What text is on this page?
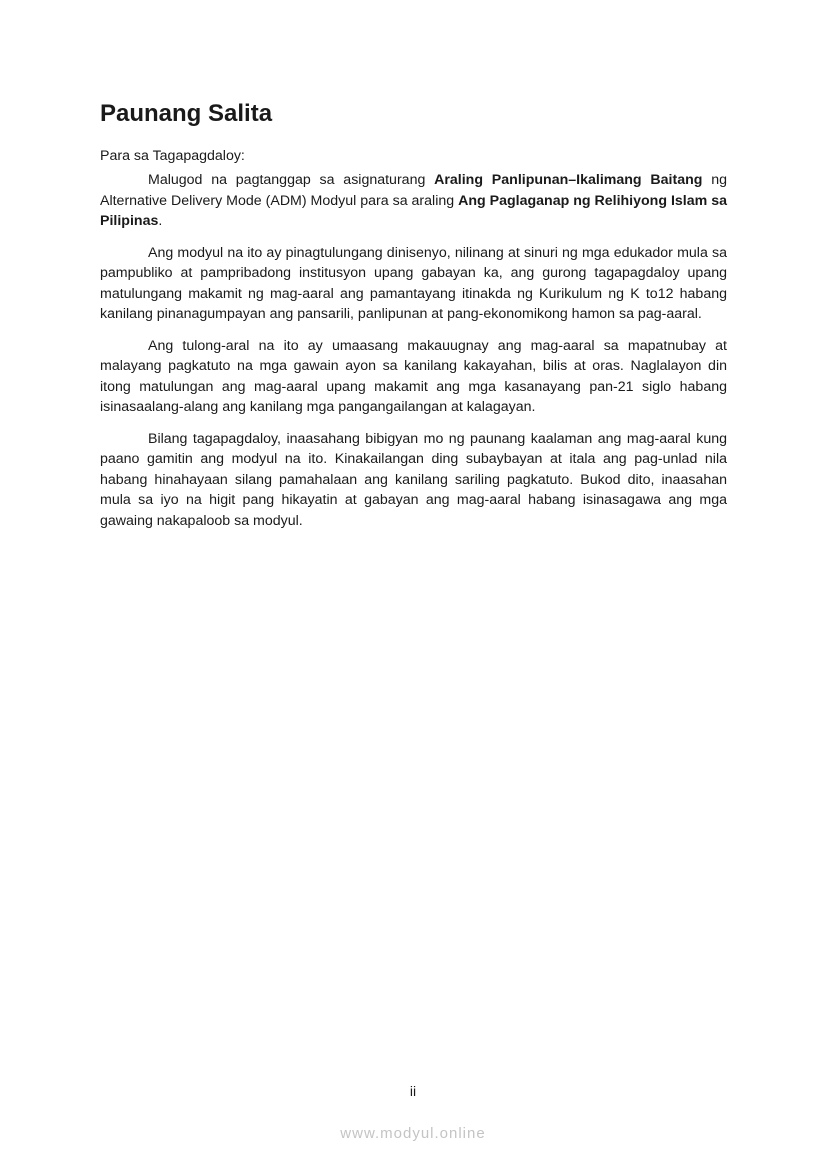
Paunang Salita

Para sa Tagapagdaloy:

Malugod na pagtanggap sa asignaturang Araling Panlipunan–Ikalimang Baitang ng Alternative Delivery Mode (ADM) Modyul para sa araling Ang Paglaganap ng Relihiyong Islam sa Pilipinas.

Ang modyul na ito ay pinagtulungang dinisenyo, nilinang at sinuri ng mga edukador mula sa pampubliko at pampribadong institusyon upang gabayan ka, ang gurong tagapagdaloy upang matulungang makamit ng mag-aaral ang pamantayang itinakda ng Kurikulum ng K to12 habang kanilang pinanagumpayan ang pansarili, panlipunan at pang-ekonomikong hamon sa pag-aaral.

Ang tulong-aral na ito ay umaasang makauugnay ang mag-aaral sa mapatnubay at malayang pagkatuto na mga gawain ayon sa kanilang kakayahan, bilis at oras. Naglalayon din itong matulungan ang mag-aaral upang makamit ang mga kasanayang pan-21 siglo habang isinasaalang-alang ang kanilang mga pangangailangan at kalagayan.

Bilang tagapagdaloy, inaasahang bibigyan mo ng paunang kaalaman ang mag-aaral kung paano gamitin ang modyul na ito. Kinakailangan ding subaybayan at itala ang pag-unlad nila habang hinahayaan silang pamahalaan ang kanilang sariling pagkatuto. Bukod dito, inaasahan mula sa iyo na higit pang hikayatin at gabayan ang mag-aaral habang isinasagawa ang mga gawaing nakapaloob sa modyul.

ii

www.modyul.online
